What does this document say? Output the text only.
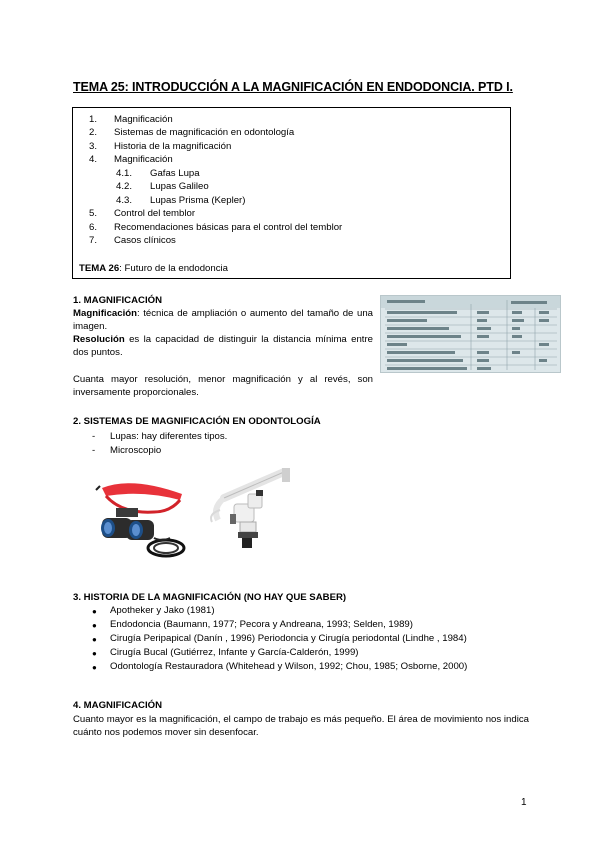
TEMA 25: INTRODUCCIÓN A LA MAGNIFICACIÓN EN ENDODONCIA. PTD I.
1. Magnificación
2. Sistemas de magnificación en odontología
3. Historia de la magnificación
4. Magnificación
4.1. Gafas Lupa
4.2. Lupas Galileo
4.3. Lupas Prisma (Kepler)
5. Control del temblor
6. Recomendaciones básicas para el control del temblor
7. Casos clínicos
TEMA 26: Futuro de la endodoncia
1. MAGNIFICACIÓN
Magnificación: técnica de ampliación o aumento del tamaño de una imagen.
Resolución es la capacidad de distinguir la distancia mínima entre dos puntos.
Cuanta mayor resolución, menor magnificación y al revés, son inversamente proporcionales.
2. SISTEMAS DE MAGNIFICACIÓN EN ODONTOLOGÍA
- Lupas: hay diferentes tipos.
- Microscopio
3. HISTORIA DE LA MAGNIFICACIÓN (NO HAY QUE SABER)
● Apotheker y Jako (1981)
● Endodoncia (Baumann, 1977; Pecora y Andreana, 1993; Selden, 1989)
● Cirugía Peripapical (Danín , 1996) Periodoncia y Cirugía periodontal (Lindhe , 1984)
● Cirugía Bucal (Gutiérrez, Infante y García-Calderón, 1999)
● Odontología Restauradora (Whitehead y Wilson, 1992; Chou, 1985; Osborne, 2000)
4. MAGNIFICACIÓN
Cuanto mayor es la magnificación, el campo de trabajo es más pequeño. El área de movimiento nos indica cuánto nos podemos mover sin desenfocar.
1
